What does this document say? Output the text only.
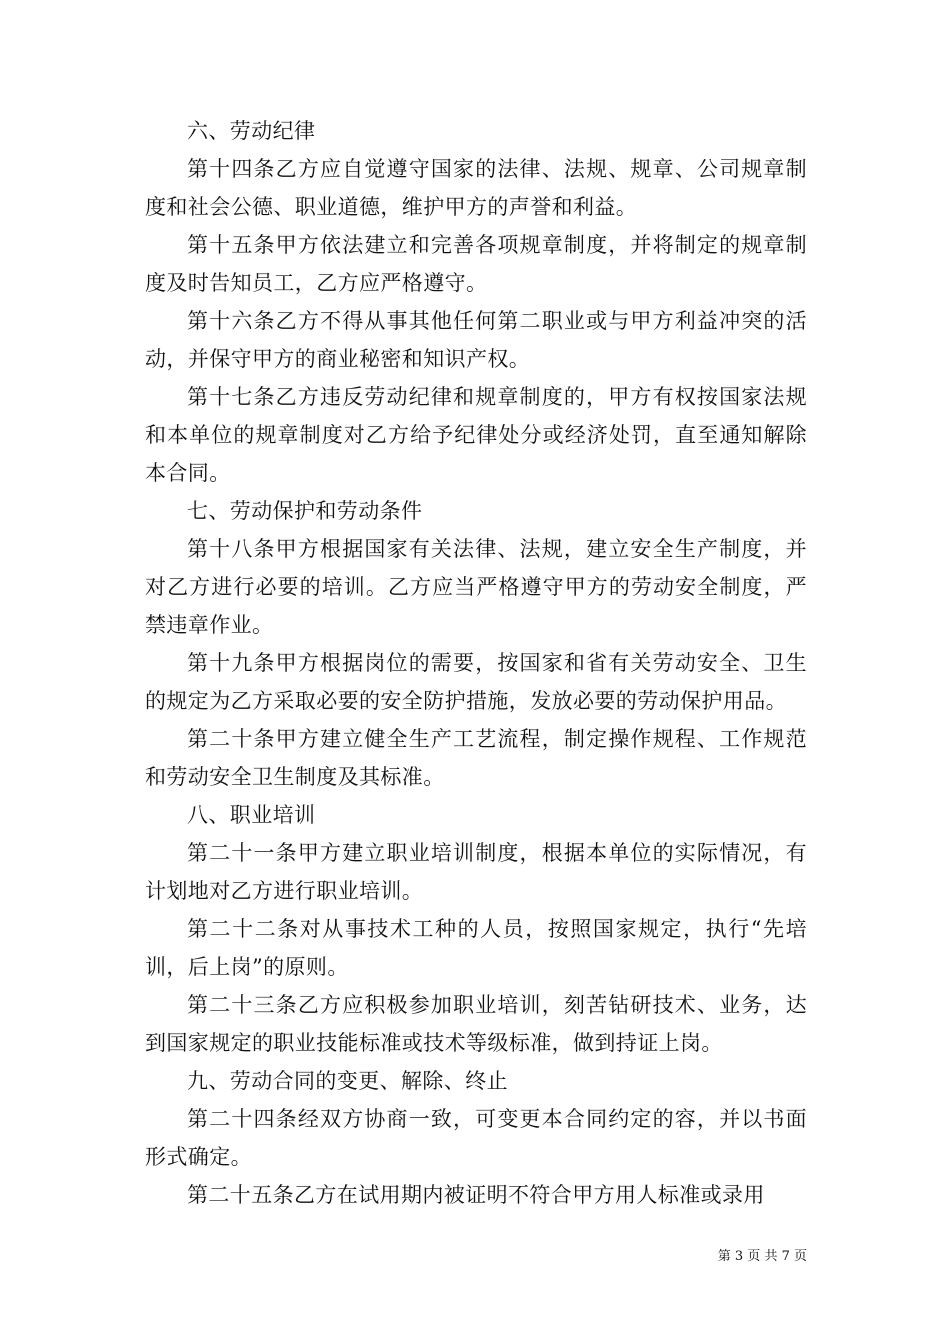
六、劳动纪律

第十四条乙方应自觉遵守国家的法律、法规、规章、公司规章制度和社会公德、职业道德，维护甲方的声誉和利益。

第十五条甲方依法建立和完善各项规章制度，并将制定的规章制度及时告知员工，乙方应严格遵守。

第十六条乙方不得从事其他任何第二职业或与甲方利益冲突的活动，并保守甲方的商业秘密和知识产权。

第十七条乙方违反劳动纪律和规章制度的，甲方有权按国家法规和本单位的规章制度对乙方给予纪律处分或经济处罚，直至通知解除本合同。

七、劳动保护和劳动条件

第十八条甲方根据国家有关法律、法规，建立安全生产制度，并对乙方进行必要的培训。乙方应当严格遵守甲方的劳动安全制度，严禁违章作业。

第十九条甲方根据岗位的需要，按国家和省有关劳动安全、卫生的规定为乙方采取必要的安全防护措施，发放必要的劳动保护用品。

第二十条甲方建立健全生产工艺流程，制定操作规程、工作规范和劳动安全卫生制度及其标准。

八、职业培训

第二十一条甲方建立职业培训制度，根据本单位的实际情况，有计划地对乙方进行职业培训。

第二十二条对从事技术工种的人员，按照国家规定，执行“先培训，后上岗”的原则。

第二十三条乙方应积极参加职业培训，刻苦钻研技术、业务，达到国家规定的职业技能标准或技术等级标准，做到持证上岗。

九、劳动合同的变更、解除、终止

第二十四条经双方协商一致，可变更本合同约定的容，并以书面形式确定。

第二十五条乙方在试用期内被证明不符合甲方用人标准或录用

第 3 页 共 7 页
